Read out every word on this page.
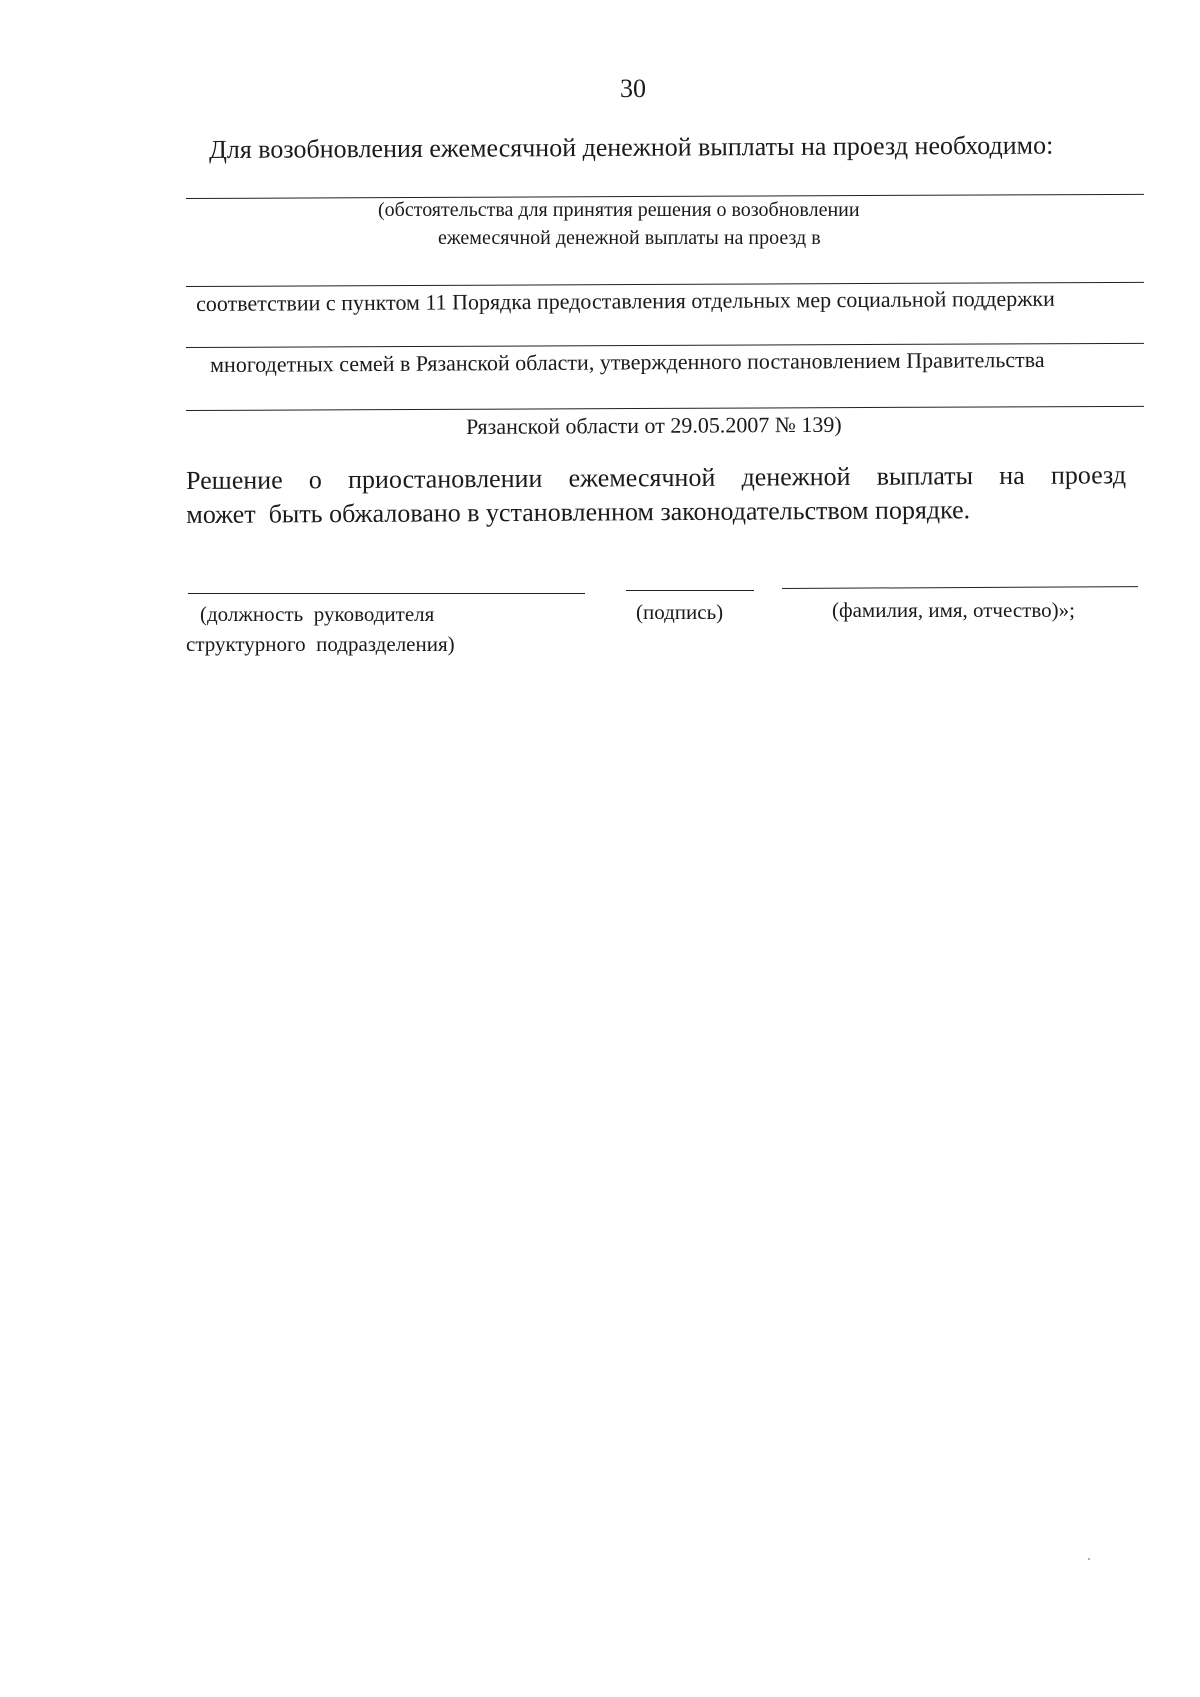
30
Для возобновления ежемесячной денежной выплаты на проезд необходимо:
(обстоятельства для принятия решения о возобновлении
ежемесячной денежной выплаты на проезд в
соответствии с пунктом 11 Порядка предоставления отдельных мер социальной поддержки
многодетных семей в Рязанской области, утвержденного постановлением Правительства
Рязанской области от 29.05.2007 № 139)
Решение о приостановлении ежемесячной денежной выплаты на проезд
может  быть обжаловано в установленном законодательством порядке.
(должность  руководителя
структурного  подразделения)
(подпись)	(фамилия, имя, отчество)»;
